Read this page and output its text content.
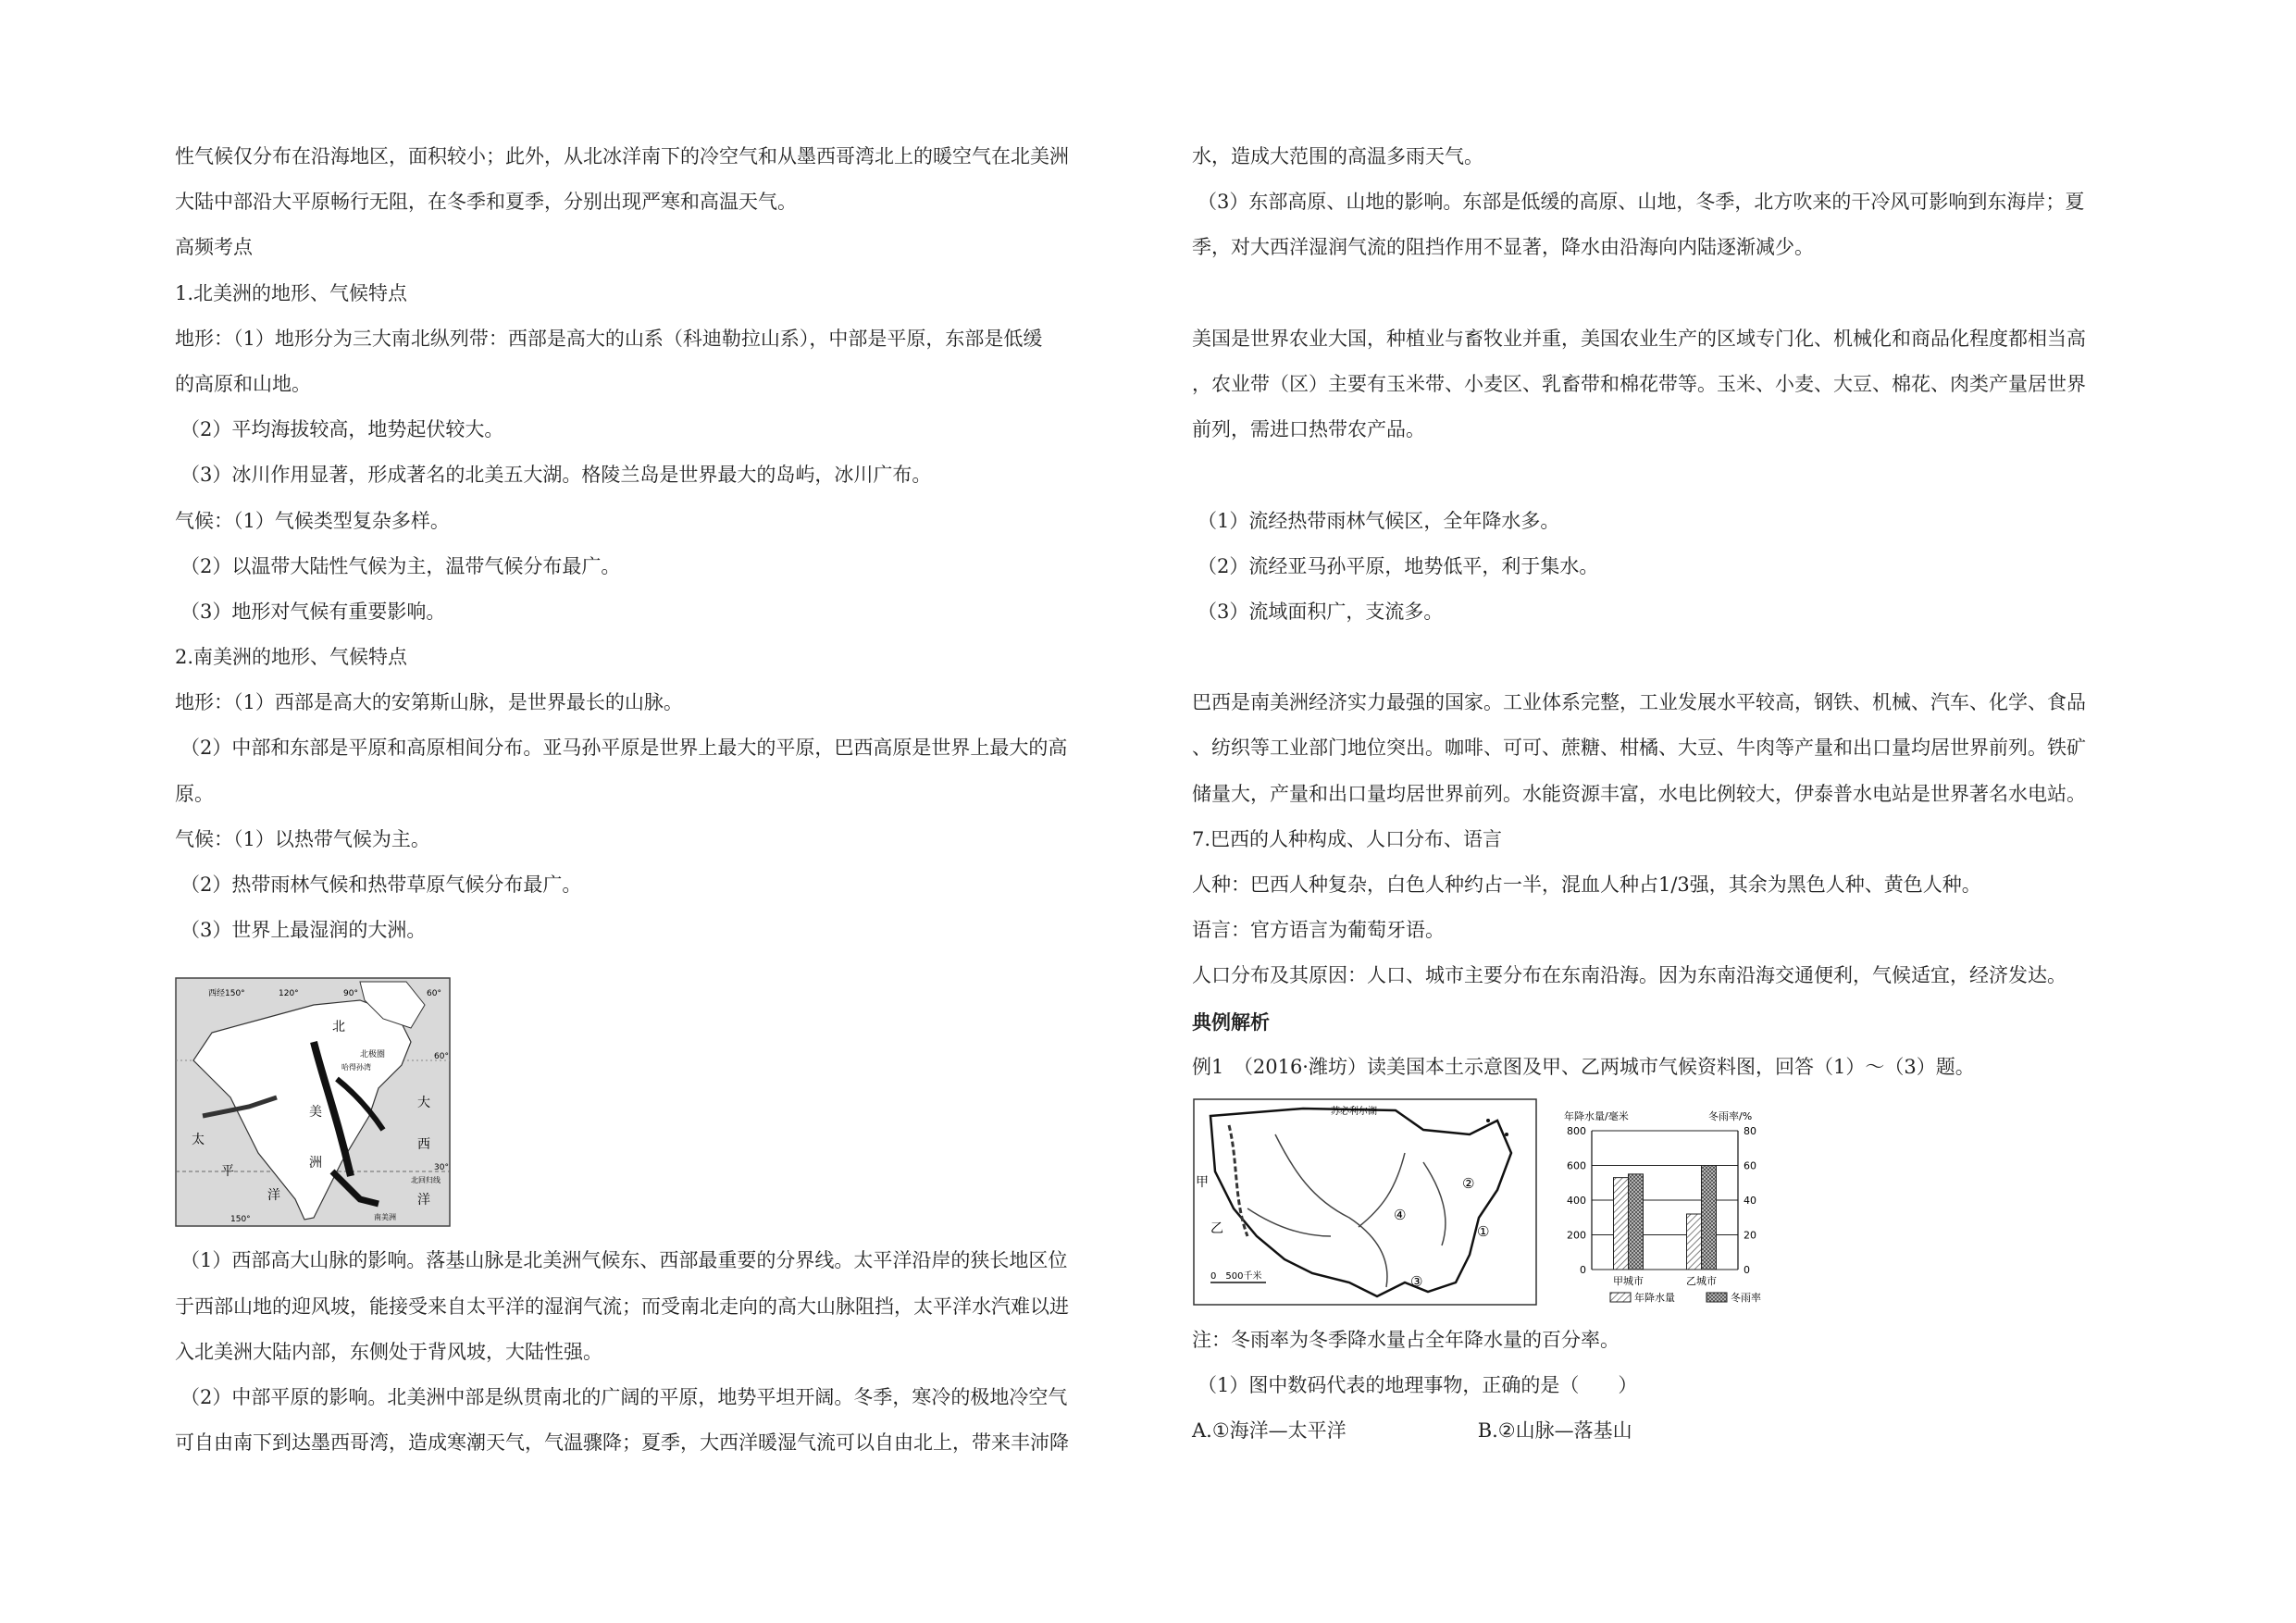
性气候仅分布在沿海地区，面积较小；此外，从北冰洋南下的冷空气和从墨西哥湾北上的暖空气在北美洲
大陆中部沿大平原畅行无阻，在冬季和夏季，分别出现严寒和高温天气。
高频考点
1.北美洲的地形、气候特点
地形：（1）地形分为三大南北纵列带：西部是高大的山系（科迪勒拉山系），中部是平原，东部是低缓
的高原和山地。
（2）平均海拔较高，地势起伏较大。
（3）冰川作用显著，形成著名的北美五大湖。格陵兰岛是世界最大的岛屿，冰川广布。
气候：（1）气候类型复杂多样。
（2）以温带大陆性气候为主，温带气候分布最广。
（3）地形对气候有重要影响。
2.南美洲的地形、气候特点
地形：（1）西部是高大的安第斯山脉，是世界最长的山脉。
（2）中部和东部是平原和高原相间分布。亚马孙平原是世界上最大的平原，巴西高原是世界上最大的高
原。
气候：（1）以热带气候为主。
（2）热带雨林气候和热带草原气候分布最广。
（3）世界上最湿润的大洲。
西经150°	120°	90°	60°
150°
60°
30°
北极圈
哈得孙湾
北回归线
南美洲
北
太
平
洋
大
西
洋
美
洲
（1）西部高大山脉的影响。落基山脉是北美洲气候东、西部最重要的分界线。太平洋沿岸的狭长地区位
于西部山地的迎风坡，能接受来自太平洋的湿润气流；而受南北走向的高大山脉阻挡，太平洋水汽难以进
入北美洲大陆内部，东侧处于背风坡，大陆性强。
（2）中部平原的影响。北美洲中部是纵贯南北的广阔的平原，地势平坦开阔。冬季，寒冷的极地冷空气
可自由南下到达墨西哥湾，造成寒潮天气，气温骤降；夏季，大西洋暖湿气流可以自由北上，带来丰沛降
水，造成大范围的高温多雨天气。
（3）东部高原、山地的影响。东部是低缓的高原、山地，冬季，北方吹来的干冷风可影响到东海岸；夏
季，对大西洋湿润气流的阻挡作用不显著，降水由沿海向内陆逐渐减少。
美国是世界农业大国，种植业与畜牧业并重，美国农业生产的区域专门化、机械化和商品化程度都相当高
，农业带（区）主要有玉米带、小麦区、乳畜带和棉花带等。玉米、小麦、大豆、棉花、肉类产量居世界
前列，需进口热带农产品。
（1）流经热带雨林气候区，全年降水多。
（2）流经亚马孙平原，地势低平，利于集水。
（3）流域面积广，支流多。
巴西是南美洲经济实力最强的国家。工业体系完整，工业发展水平较高，钢铁、机械、汽车、化学、食品
、纺织等工业部门地位突出。咖啡、可可、蔗糖、柑橘、大豆、牛肉等产量和出口量均居世界前列。铁矿
储量大，产量和出口量均居世界前列。水能资源丰富，水电比例较大，伊泰普水电站是世界著名水电站。
7.巴西的人种构成、人口分布、语言
人种：巴西人种复杂，白色人种约占一半，混血人种占1/3强，其余为黑色人种、黄色人种。
语言：官方语言为葡萄牙语。
人口分布及其原因：人口、城市主要分布在东南沿海。因为东南沿海交通便利，气候适宜，经济发达。
典例解析
例1　（2016·潍坊）读美国本土示意图及甲、乙两城市气候资料图，回答（1）～（3）题。
苏必利尔湖
甲
乙	①
②
③
④
0　500千米
年降水量/毫米	冬雨率/%
0
200
400
600
800
0
20
40
60
80
甲城市	乙城市
年降水量	冬雨率
注：冬雨率为冬季降水量占全年降水量的百分率。
（1）图中数码代表的地理事物，正确的是（　　）
A.①海洋—太平洋	B.②山脉—落基山
